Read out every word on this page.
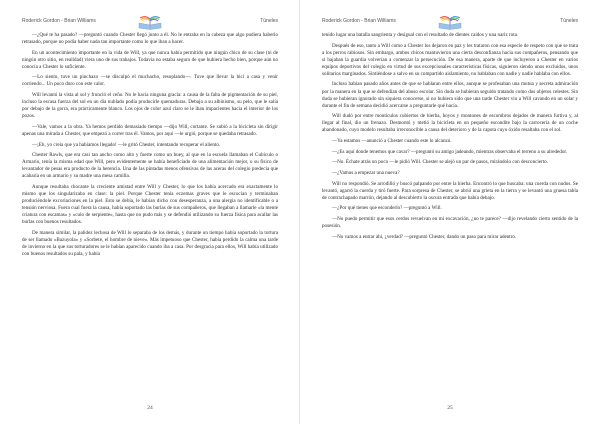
Roderick Gordon - Brian Williams	Túneles

—¿Qué te ha pasado? —preguntó cuando Chester llegó junto a él. No le entraba en la cabeza que algo pudiera haberlo retrasado, porque no podía haber nada tan importante como lo que iban a hacer.

En un acontecimiento importante en la vida de Will, ya que nunca había permitido que ningún chico de su clase (ni de ningún otro sitio, en realidad) viera uno de sus trabajos. Todavía no estaba seguro de que hubiera hecho bien, porque aún no conocía a Chester lo suficiente.

—Lo siento, tuve un pinchazo —se disculpó el muchacho, resoplando—. Tuve que llevar la bici a casa y venir corriendo... Un poco duro con este calor.

Will levantó la vista al sol y frunció el ceño. No le hacía ninguna gracia: a causa de la falta de pigmentación de su piel, incluso la escasa fuerza del sol en un día nublado podía producirle quemaduras. Debajo a su albinismo, su pelo, que le salía por debajo de la gorra, era prácticamente blanco. Los ojos de color azul claro se le iban impacientes hacia el interior de los pozos.

—Vale, vamos a la obra. Ya hemos perdido demasiado tiempo —dijo Will, cortante. Se subió a la bicicleta sin dirigir apenas una mirada a Chester, que empezó a correr tras él. Vamos, por aquí —le urgió, porque se quedaba retrasado.

—¡Eh, yo creía que ya habíamos llegado! —le gritó Chester, intentando recuperar el aliento.

Chester Rawls, que era casi tan ancho como alto y fuerte como un buey, al que en la escuela llamaban el Cubículo o Armario, tenía la misma edad que Will, pero evidentemente se había beneficiado de una alimentación mejor, o su físico de levantador de pesas era producto de la herencia. Una de las pintadas menos ofensivas de las aceras del colegio predecía que acabaría en un armario y su madre una mesa camilla.

Aunque resultaba chocante la creciente amistad entre Will y Chester, lo que los había acercado era exactamente lo mismo que los singularizaba en clase: la piel. Porque Chester tenía eczemas graves que le escocían y terminaban produciéndole excoriaciones en la piel. Esto se debía, le habían dicho con desesperanza, a una alergia no identificable o a tensión nerviosa. Fuera cual fuera la causa, había soportado las burlas de sus compañeros, que llegaban a llamarle «la mente criatura con escamas» y «culo de serpiente», hasta que no pudo más y se defendió utilizando su fuerza física para acallar las burlas con buenos resultados.

De manera similar, la palidez lechosa de Will lo separaba de los demás, y durante un tiempo había soportado la tortura de ser llamado «Bazuyola» y «Sorbete, el hombre de nieve». Más impetuoso que Chester, había perdido la calma una tarde de invierno en la que sus torturadores se le habían aparecido cuando iba a casa. Por desgracia para ellos, Will había utilizado con buenos resultados su pala, y había

24
Roderick Gordon - Brian Williams	Túneles

tenido lugar una batalla sangrienta y desigual con el resultado de dientes caídos y una nariz rota.

Después de eso, tanto a Will como a Chester los dejaron en paz y les trataron con esa especie de respeto con que se trata a los perros rabiosos. Sin embargo, ambos chicos mantuvieron una cierta desconfianza hacia sus compañeros, pensando que si bajaban la guardia volverían a comenzar la persecución. De esa manera, aparte de que incluyeron a Chester en varios equipos deportivos del colegio en virtud de sus excepcionales características físicas, siguieron siendo unos excluidos, unos solitarios marginados. Sintiéndose a salvo en su compartido aislamiento, no hablaban con nadie y nadie hablaba con ellos.

Incluso habían pasado años antes de que se hablaran entre ellos, aunque se profesaban una mutua y secreta admiración por la manera en la que se defendían del abuso escolar. Sin duda se hubieran seguido tratando como dos objetos celestes. Sin duda se hubieran ignorado sin siquiera conocerse, si no hubiera sido que una tarde Chester vio a Will cavando en un solar y durante el fin de semana decidió acercarse a preguntarle qué hacía.

Will dudó por entre montículos cubiertos de hierba, hoyos y montones de escombros dejados de manera furtiva y, al llegar al final, dio un frenazo. Desmontó y metió la bicicleta en un pequeño escondite bajo la carrocería de un coche abandonado, cuyo modelo resultaba irreconocible a causa del deterioro y de la capota cuyo óxido resaltaba con el sol.

—Ya estamos —anunció a Chester cuando este lo alcanzó.

—¿Es aquí donde tenemos que cavar? —preguntó su amigo jadeando, mientras observaba el terreno a su alrededor.

—No. Échate atrás un poco —le pidió Will. Chester se alejó un par de pasos, mirándolo con desconcierto.

—¿Vamos a empezar una nueva?

Will no respondió. Se arrodilló y buscó palpando por entre la hierba. Encontró lo que buscaba: una cuerda con nudos. Se levantó, agarró la cuerda y tiró fuerte. Para sorpresa de Chester, se abrió una grieta en la tierra y se levantó una gruesa tabla de contrachapado marrón, dejando al descubierto la oscura entrada que había debajo.

—¿Por qué tienes que esconderlo? —preguntó a Will.

—No puedo permitir que esos cerdos revuelvan en mi excavación, ¿no te parece? —dijo revelando cierto sentido de la posesión.

—No vamos a entrar ahí, ¿verdad? —preguntó Chester, dando un paso para mirar adentro.

25
